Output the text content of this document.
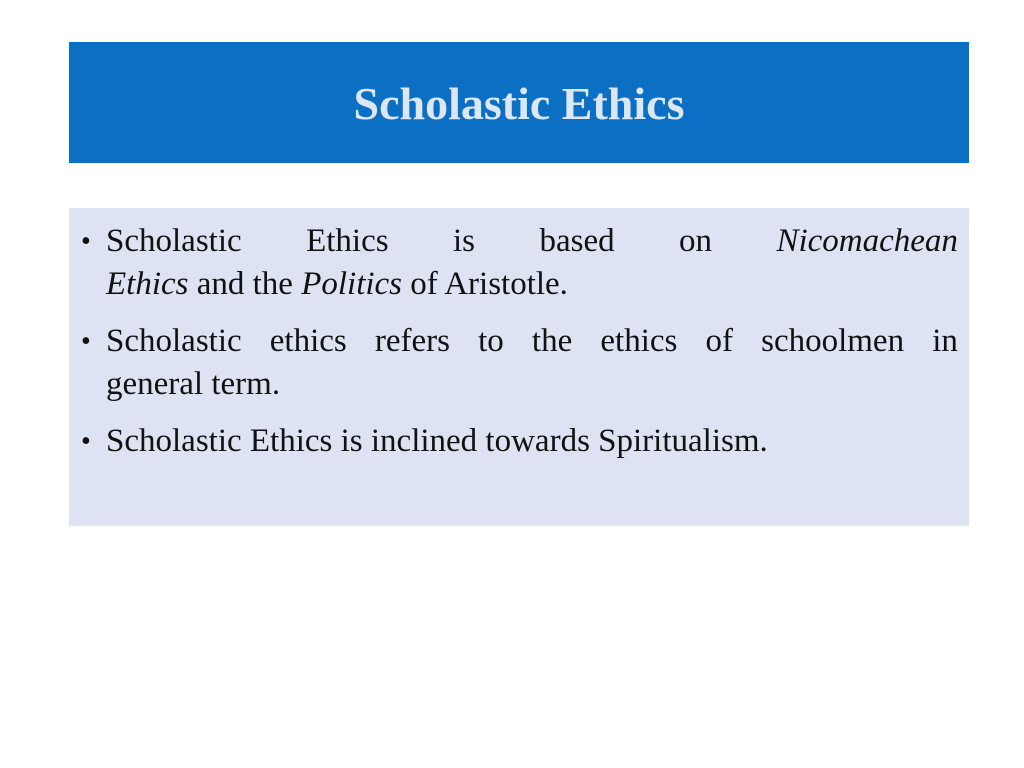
Scholastic Ethics
• Scholastic Ethics is based on Nicomachean
Ethics and the Politics of Aristotle.
• Scholastic ethics refers to the ethics of schoolmen in
general term.
• Scholastic Ethics is inclined towards Spiritualism.
